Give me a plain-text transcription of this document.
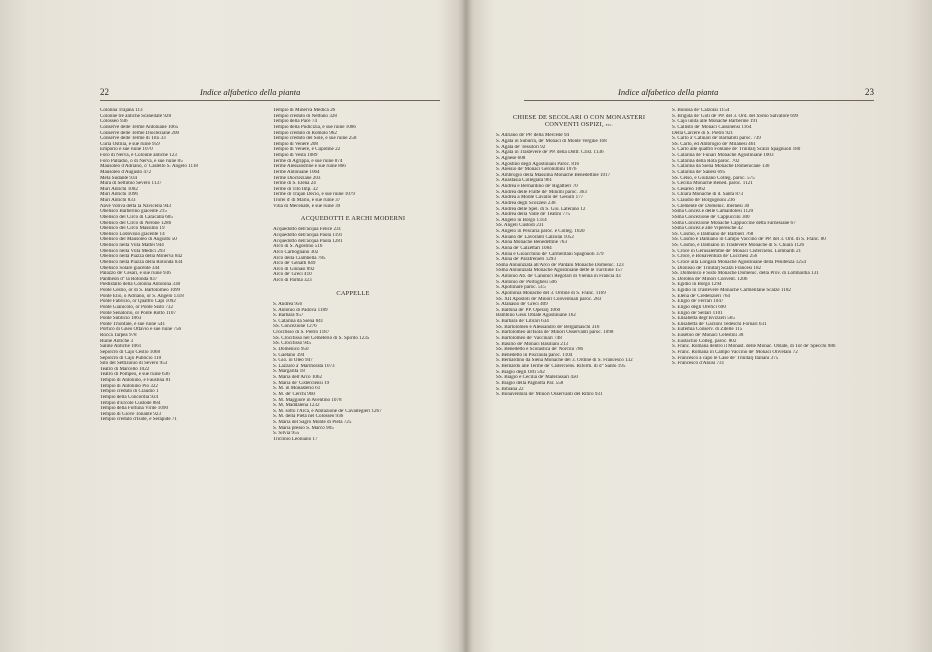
22	Indice alfabetico della pianta
Colonna Trajana 113
Colonne tre antiche Scanellate 928
Colosseo 936
Conserve delle Terme Antoniane 1065
Conserve delle Terme Diocleziane 200
Conserve delle Terme di Tito 33
Curia Ostilia, e sue ruine 959
Emporio e sue ruine 1070
Foro di Nerva, e Colonne antiche 123
Foro Palladio, o di Nerva, e sue ruine 85
Mausoleo d'Adriano, o' Castello S. Angelo 1118
Mausoleo d'Augusto 472
Meta Sudante 934
Mura di Settimio Severo 1137
Muri Antichi 1082
Muri Antichi 1096
Muri Antichi 833
Nave Votiva detta la Navicella 943
Obelisco Barberino giacente 215
Obelisco del Circo di Caracalla 605
Obelisco del Circo di Nerone 1286
Obelisco del Circo Massimo 19
Obelisco Lodovisio giacente 14
Obelisco del Mausoleo di Augusto 50
Obelisco nella Villa Mattei 944
Obelisco nella Villa Medici 293
Obelisco nella Piazza della Minerva 842
Obelisco nella Piazza della Rotonda 834
Obelisco Solare giacente 344
Palazzo de' Cesari, e sue ruine 936
Pantheon d° la Rotonda 837
Piedistallo della Colonna Antonina 338
Ponte Cestio, or di S. Bartolomeo 1099
Ponte Elio, o Adriano, or S. Angelo 1318
Ponte Fabricio, or Quattro Capi 1092
Ponte Gianicolo, or Ponte Sisto 732
Ponte Senatorio, or Ponte Rotto 1107
Ponte Sublicio 1063
Ponte Trionfale, e sue ruine 541
Portico di Gneo Ottavio e sue ruine 756
Rocca Tarpea 978
Ruine Antiche 3
Saline Antiche 1061
Sepolcro di Cajo Cestio 1068
Sepolcro di Cajo Publicio 110
Sito del Settizonio di Severo 953
Teatro di Marcello 1022
Teatro di Pompeo, e sue ruine 636
Tempio di Antonino, e Faustina 81
Tempio di Antonino Pio 322
Tempio creduto di Claudio 1
Tempio della Concordia 924
Tempio d'Ercole Custode 884
Tempio della Fortuna Virile 1090
Tempio di Giove Tonante 923
Tempio creduto d'Iside, e Serapide 71
Tempio di Minerva Medica 26
Tempio creduto di Nettuno 328
Tempio della Pace 74
Tempio della Pudicizia, e sue ruine 1086
Tempio creduto di Romolo 962
Tempio creduto del Sole, e sue ruine 258
Tempio di Venere 208
Tempio di Venere, e Cupidine 22
Tempio di Vesta 1089
Terme di Agrippa, e sue ruine 874
Terme Alessandrine e sue ruine 866
Terme Antoniane 1064
Terme Diocleziane 203
Terme di S. Elena 24
Terme di Tito Imp. 32
Terme di Trajan Decio, e sue ruine 1079
Trofei d' di Mario, e sue ruine 37
Villa di Mecenate, e sue ruine 39
ACQUEDOTTI E ARCHI MODERNI
Acquedotto dell'acqua Felice 231
Acquedotto dell'acqua Paola 1191
Acquedotto dell'acqua Paola 1281
Arco di S. Agostino 516
Arco Carbognano 302
Arco della Ciambella 785
Arco de' Genatti 849
Arco di Ginnasi 892
Arco de' Greci 410
Arco di Parma 323
CAPPELLE
S. Andrea 956
S. Antonio di Padova 1189
S. Barbara 957
S. Catarina da Siena 841
SS. Concezione 1276
Crocifisso di S. Pietro 1187
SS. Crocifisso nel Cemeterio di S. Spirito 1235
SS. Crocifisso 945
S. Domenico 950
S. Gaetano 394
S. Gio. in Oleo 947
S. Lazzaro a' Marmorata 1073
S. Margarita 18
S. Maria dell'Arco 1062
S. Maria de' Cisterciensi 19
S. M. in Monasterio 61
S. M. de' Cerchi 960
S. M. Maggiore in Aventino 1078
S. M. Maddalena 1232
S. M. sotto l'Arca, e Abitazione de' Cavallegieri 1267
S. M. della Pietà nel Colosseo 936
S. Maria del Sagro Monte di Pietà 725
S. Maria presso S. Marco 905
S. Silvia 955
Triclinio Leoniano 17
Indice alfabetico della pianta	23
CHIESE DE SECOLARI O CON MONASTERI CONVENTI OSPIZI, etc.
S. Adriano de' PP. della Mercede 94
S. Agata in Suburra, de' Monaci di Monte Vergine 168
S. Agata de' Tessitori 92
S. Agata in Trastevere de' PP. della Dottr. Crist. 1136
S. Agnese 608
S. Agostino degli Agostiniani Paroc. 816
S. Alessio de' Monaci Geronimini 1076
S. Ambrogio della Massima Monache Benedettine 1017
S. Anastasia Collegiata 961
S. Andrea e Bernardino de' Rigattieri 70
S. Andrea delle Fratte de' Minimi paroc. 363
S. Andrea a Monte Cavallo de' Gesuiti 177
S. Andrea degli Scozzesi 238
S. Andrea delle Spel. di S. Gio. Laterano 12
S. Andrea della Valle de' Teatini 775
S. Angelo in Borgo 1314
SS. Angeli Custodi 231
S. Angelo in Pescaria paroc. e Colleg. 1020
S. Aniano de' Lavoranti Calzolai 1052
S. Anna Monache Benedettine 763
S. Anna de' Calzettari 1084
S. Anna e Gioacchino de' Carmelitani Spagnuoli 379
S. Anna de' Parafrenieri 1293
SSma Annunziata all'Arco de' Pantani Monache Domenic. 123
SSma Annunziata Monache Agostiniane dette le Turchine 157
S. Antonio Ab. de' Canonici Regolari di Vienna in Francia 43
S. Antonio de' Portoghesi 506
S. Apollinare paroc. 515
S. Apollonia Monache del 3. Ordine di S. Franc. 1169
SS. XII Apostoli de' Minori Conventuali paroc. 283
S. Atanasio de' Greci 409
S. Balbina de' PP. Operarj 1060
Bambino Gesù Oblate Agostiniane 162
S. Barbara de' Librari 634
SS. Bartolomeo e Alessandro de' Bergamaschi 316
S. Bartolomeo all'Isola de' Minori Osservanti paroc. 1098
S. Bartolomeo de' Vaccinari 748
S. Basilio de' Monaci Basiliani 213
SS. Benedetto e Scolastica de' Norcini 786
S. Benedetto in Piscinula paroc. 1104
S. Bernardino da Siena Monache del 3. Ordine di S. Francesco 132
S. Bernardo alle Terme de' Cisterciens. Riform. di d° Santo 195
S. Biagio degli Orti 592
SS. Biagio e Cecilia de' Materassari 450
S. Biagio della Pagnotta Par. 558
S. Bibiana 22
S. Bonaventura de' Minori Osservanti del Ritiro 931
S. Bonosa de' Calzolai 1154
S. Brigida de' Goti de' PP. del 3. Ord. del SSmo Salvatore 699
S. Cajo unita alle Monache Barberine 191
S. Callisto de' Monaci Cassinensi 1164
Della Carcere di S. Pietro 921
S. Carlo a' Catinari de' Barnabiti paroc. 739
SS. Carlo, ed Ambrogio de' Milanesi 461
S. Carlo alle quattro Fontane de' Trinitarj Scalzi Spagnuoli 180
S. Catarina de' Funari Monache Agostiniane 1003
S. Catarina della Rota paroc. 702
S. Catarina da Siena Monache Domenicane 130
S. Catarina de' Sanesi 695
SS. Celso, e Giuliano Colleg. paroc. 575
S. Cecilia Monache Bened. paroc. 1121
S. Cesareo 1062
S. Chiara Monache di d. Santa 873
S. Claudio de' Borgognoni 236
S. Clemente de' Domenic. Ibernesi 30
SSma Concez.e delle Camaldolesi 1120
SSma Concezione de' Cappuccini 300
SSma Concezione Monache Cappuccine detta Farnesiane 67
SSma Concez.e alle Viperesche 42
SS. Cosmo, e Damiano de' Barbieri 768
SS. Cosmo e Damiano in Campo Vaccino de' PP. del 3. Ord. di S. Franc. 80
SS. Cosmo, e Damiano in Trastevere Monache di S. Chiara 1126
S. Croce in Gerusalemme de' Monaci Cisterciens. Lombardi 21
S. Croce, e Bonaventura de' Lucchesi 256
S. Croce alla Longara Monache Agostiniane della Penitenza 1254
S. Dionisio de' Trinitarj Scalzi Francesi 182
SS. Domenico e Sisto Monache Domenic. della Prov. di Lombardia 131
S. Dorotea de' Minori Convent. 1206
S. Egidio in Borgo 1294
S. Egidio in Trastevere Monache Carmelitane Scalze 1182
S. Elena de' Credenzieri 764
S. Eligio de' Ferrari 1047
S. Eligio degli Orefici 690
S. Eligio de' Sellari 1101
S. Elisabetta degl'Isvizzeri 565
S. Elisabetta de' Garzoni Tedeschi Fornari 631
S. Eufemia Conserv. di Zitelle 115
S. Eusebio de' Monaci Celestini 38
S. Eustachio Colleg. paroc. 802
S. Franc. Romana dentro il Monast. delle Monac. Oblate, di Tor de' Specchi 986
S. Franc. Romana in Campo Vaccino de' Monaci Olivetani 72
S. Francesco a capo le Case de' Trinitarj Italiani 375
S. Francesco d'Assisi 731
